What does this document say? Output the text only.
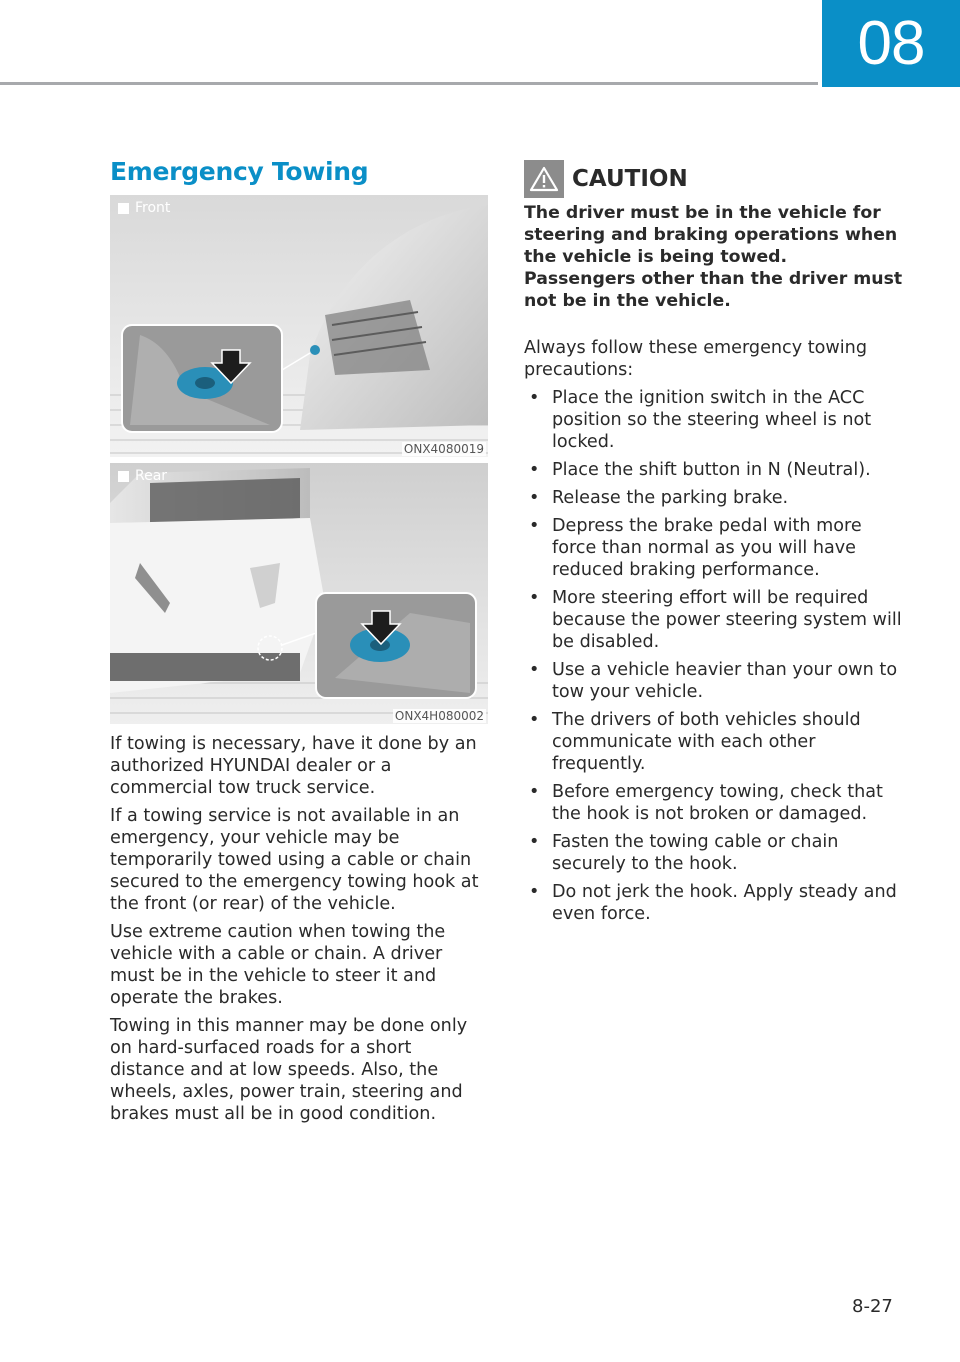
08
Emergency Towing
Front
ONX4080019
Rear
ONX4H080002

If towing is necessary, have it done by an authorized HYUNDAI dealer or a commercial tow truck service.

If a towing service is not available in an emergency, your vehicle may be temporarily towed using a cable or chain secured to the emergency towing hook at the front (or rear) of the vehicle.

Use extreme caution when towing the vehicle with a cable or chain. A driver must be in the vehicle to steer it and operate the brakes.

Towing in this manner may be done only on hard-surfaced roads for a short distance and at low speeds. Also, the wheels, axles, power train, steering and brakes must all be in good condition.

CAUTION

The driver must be in the vehicle for steering and braking operations when the vehicle is being towed. Passengers other than the driver must not be in the vehicle.

Always follow these emergency towing precautions:

• Place the ignition switch in the ACC position so the steering wheel is not locked.
• Place the shift button in N (Neutral).
• Release the parking brake.
• Depress the brake pedal with more force than normal as you will have reduced braking performance.
• More steering effort will be required because the power steering system will be disabled.
• Use a vehicle heavier than your own to tow your vehicle.
• The drivers of both vehicles should communicate with each other frequently.
• Before emergency towing, check that the hook is not broken or damaged.
• Fasten the towing cable or chain securely to the hook.
• Do not jerk the hook. Apply steady and even force.
8-27
